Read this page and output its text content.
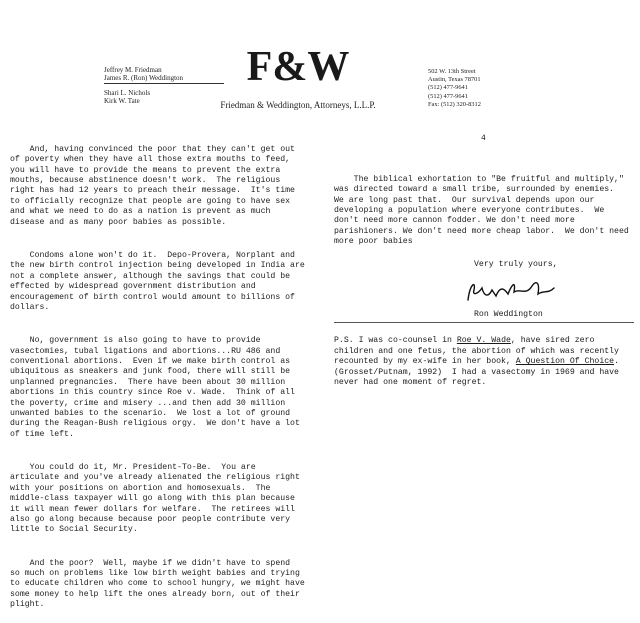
Jeffrey M. Friedman
James R. (Ron) Weddington
Shari L. Nichols
Kirk W. Tate
F&W
Friedman & Weddington, Attorneys, L.L.P.
502 W. 13th Street
Austin, Texas 78701
(512) 477-9641
(512) 477-9641
Fax: (512) 320-8312

And, having convinced the poor that they can't get out
of poverty when they have all those extra mouths to feed,
you will have to provide the means to prevent the extra
mouths, because abstinence doesn't work.  The religious
right has had 12 years to preach their message.  It's time
to officially recognize that people are going to have sex
and what we need to do as a nation is prevent as much
disease and as many poor babies as possible.

Condoms alone won't do it.  Depo-Provera, Norplant and
the new birth control injection being developed in India are
not a complete answer, although the savings that could be
effected by widespread government distribution and
encouragement of birth control would amount to billions of
dollars.

No, government is also going to have to provide
vasectomies, tubal ligations and abortions...RU 486 and
conventional abortions.  Even if we make birth control as
ubiquitous as sneakers and junk food, there will still be
unplanned pregnancies.  There have been about 30 million
abortions in this country since Roe v. Wade.  Think of all
the poverty, crime and misery ...and then add 30 million
unwanted babies to the scenario.  We lost a lot of ground
during the Reagan-Bush religious orgy.  We don't have a lot
of time left.

You could do it, Mr. President-To-Be.  You are
articulate and you've already alienated the religious right
with your positions on abortion and homosexuals.  The
middle-class taxpayer will go along with this plan because
it will mean fewer dollars for welfare.  The retirees will
also go along because because poor people contribute very
little to Social Security.

And the poor?  Well, maybe if we didn't have to spend
so much on problems like low birth weight babies and trying
to educate children who come to school hungry, we might have
some money to help lift the ones already born, out of their
plight.

4

The biblical exhortation to "Be fruitful and multiply,"
was directed toward a small tribe, surrounded by enemies.
We are long past that.  Our survival depends upon our
developing a population where everyone contributes.  We
don't need more cannon fodder. We don't need more
parishioners. We don't need more cheap labor.  We don't need
more poor babies

Very truly yours,
Ron Weddington
P.S. I was co-counsel in Roe V. Wade, have sired zero
children and one fetus, the abortion of which was recently
recounted by my ex-wife in her book, A Question Of Choice.
(Grosset/Putnam, 1992)  I had a vasectomy in 1969 and have
never had one moment of regret.
